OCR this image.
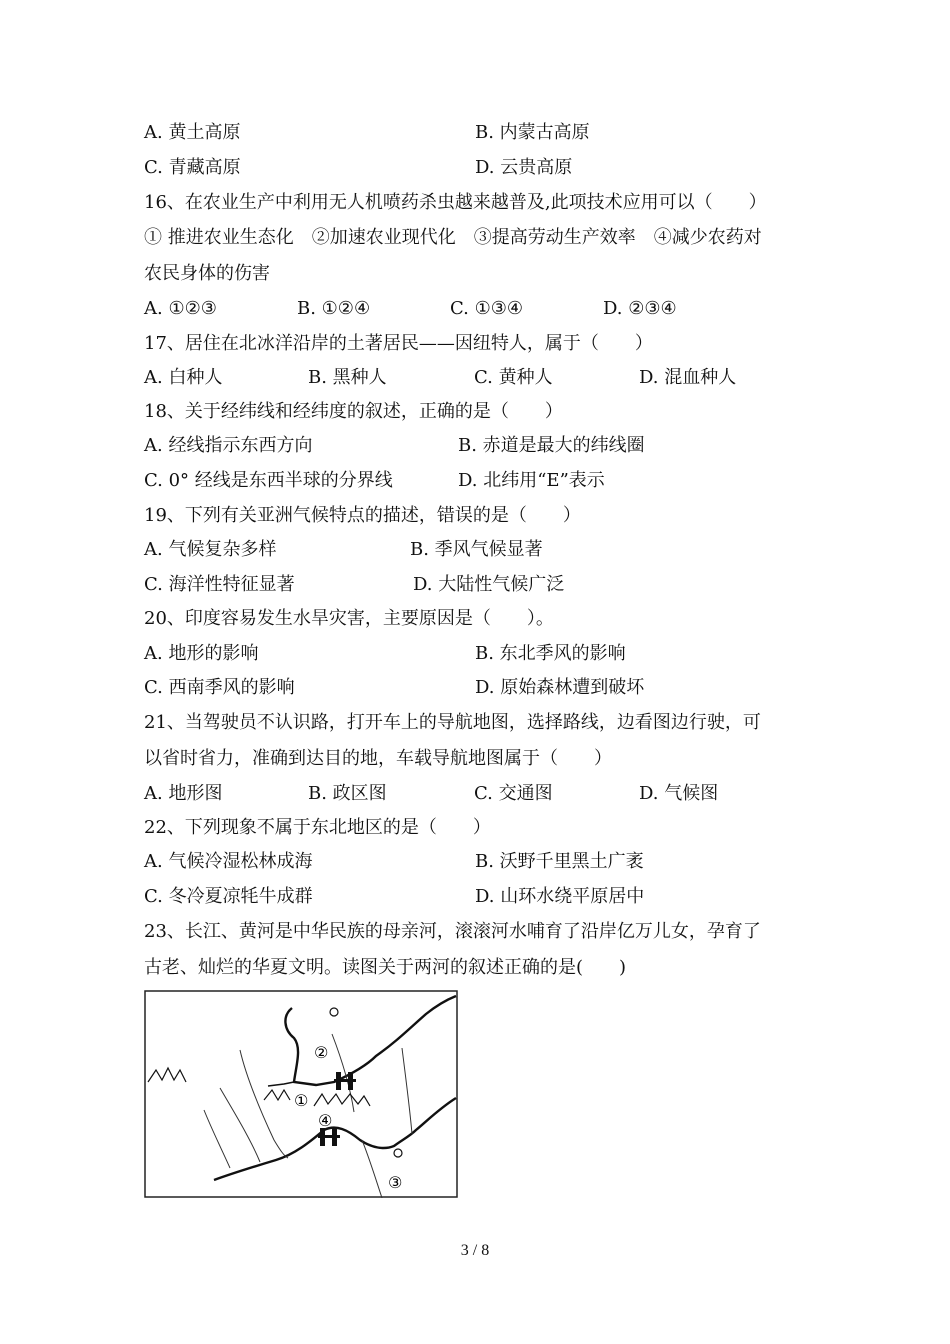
A. 黄土高原	B. 内蒙古高原
C. 青藏高原	D. 云贵高原
16、在农业生产中利用无人机喷药杀虫越来越普及,此项技术应用可以（　　）
① 推进农业生态化　②加速农业现代化　③提高劳动生产效率　④减少农药对
农民身体的伤害
A. ①②③	B. ①②④	C. ①③④	D. ②③④
17、居住在北冰洋沿岸的土著居民——因纽特人，属于（　　）
A. 白种人	B. 黑种人	C. 黄种人	D. 混血种人
18、关于经纬线和经纬度的叙述，正确的是（　　）
A. 经线指示东西方向	B. 赤道是最大的纬线圈
C. 0° 经线是东西半球的分界线	D. 北纬用“E”表示
19、下列有关亚洲气候特点的描述，错误的是（　　）
A. 气候复杂多样	B. 季风气候显著
C. 海洋性特征显著	D. 大陆性气候广泛
20、印度容易发生水旱灾害，主要原因是（　　）。
A. 地形的影响	B. 东北季风的影响
C. 西南季风的影响	D. 原始森林遭到破坏
21、当驾驶员不认识路，打开车上的导航地图，选择路线，边看图边行驶，可
以省时省力，准确到达目的地，车载导航地图属于（　　）
A. 地形图	B. 政区图	C. 交通图	D. 气候图
22、下列现象不属于东北地区的是（　　）
A. 气候冷湿松林成海	B. 沃野千里黑土广袤
C. 冬冷夏凉牦牛成群	D. 山环水绕平原居中
23、长江、黄河是中华民族的母亲河，滚滚河水哺育了沿岸亿万儿女，孕育了
古老、灿烂的华夏文明。读图关于两河的叙述正确的是(　　)
①
②
③
④
3 / 8
